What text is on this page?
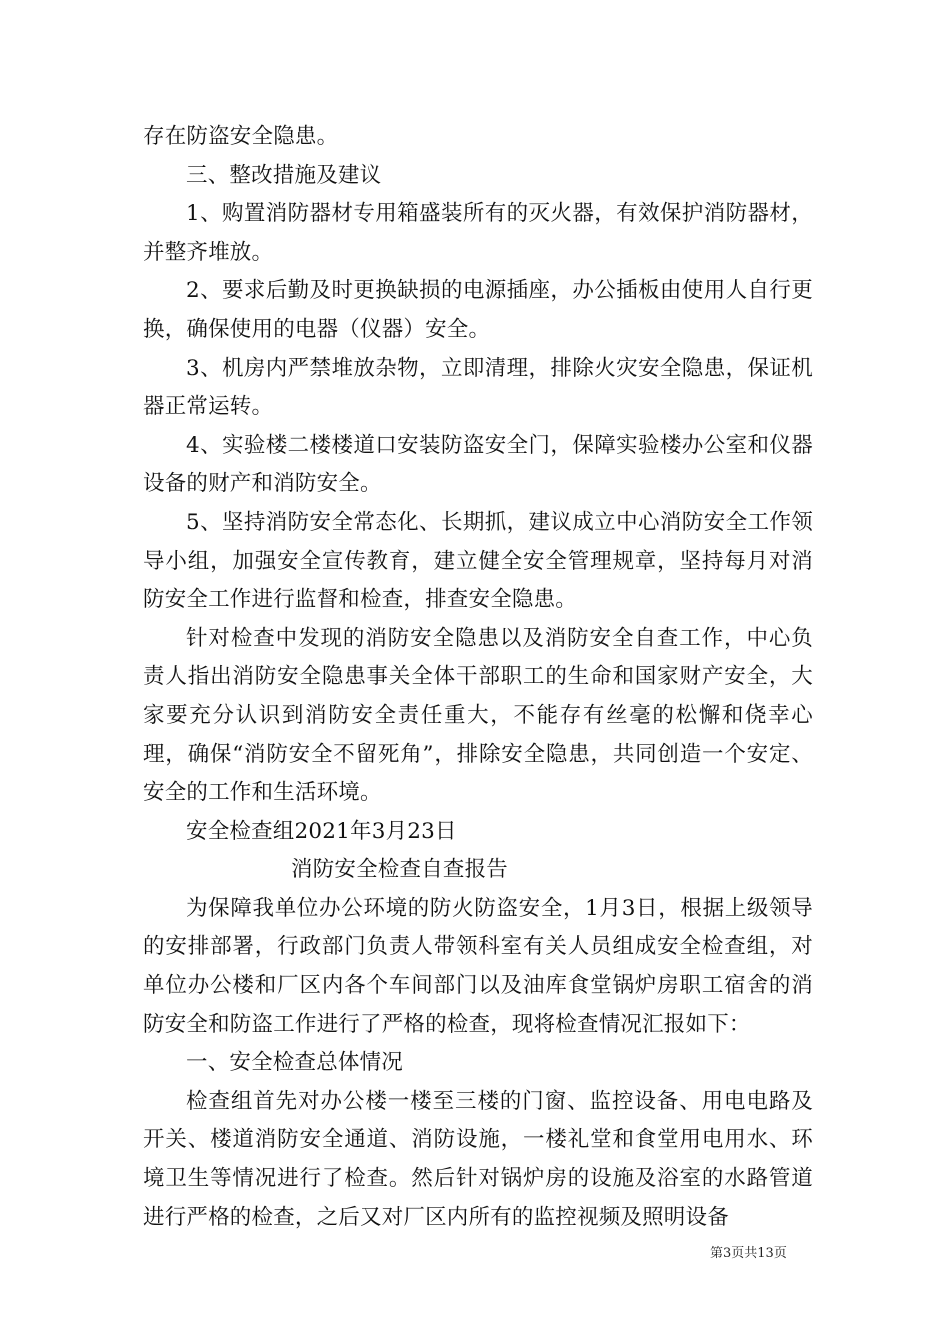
存在防盗安全隐患。

三、整改措施及建议

1、购置消防器材专用箱盛装所有的灭火器，有效保护消防器材，并整齐堆放。

2、要求后勤及时更换缺损的电源插座，办公插板由使用人自行更换，确保使用的电器（仪器）安全。

3、机房内严禁堆放杂物，立即清理，排除火灾安全隐患，保证机器正常运转。

4、实验楼二楼楼道口安装防盗安全门，保障实验楼办公室和仪器设备的财产和消防安全。

5、坚持消防安全常态化、长期抓，建议成立中心消防安全工作领导小组，加强安全宣传教育，建立健全安全管理规章，坚持每月对消防安全工作进行监督和检查，排查安全隐患。

针对检查中发现的消防安全隐患以及消防安全自查工作，中心负责人指出消防安全隐患事关全体干部职工的生命和国家财产安全，大家要充分认识到消防安全责任重大，不能存有丝毫的松懈和侥幸心理，确保“消防安全不留死角”，排除安全隐患，共同创造一个安定、安全的工作和生活环境。

安全检查组2021年3月23日

消防安全检查自查报告

为保障我单位办公环境的防火防盗安全，1月3日，根据上级领导的安排部署，行政部门负责人带领科室有关人员组成安全检查组，对单位办公楼和厂区内各个车间部门以及油库食堂锅炉房职工宿舍的消防安全和防盗工作进行了严格的检查，现将检查情况汇报如下：

一、安全检查总体情况

检查组首先对办公楼一楼至三楼的门窗、监控设备、用电电路及开关、楼道消防安全通道、消防设施，一楼礼堂和食堂用电用水、环境卫生等情况进行了检查。然后针对锅炉房的设施及浴室的水路管道进行严格的检查，之后又对厂区内所有的监控视频及照明设备

第3页共13页
